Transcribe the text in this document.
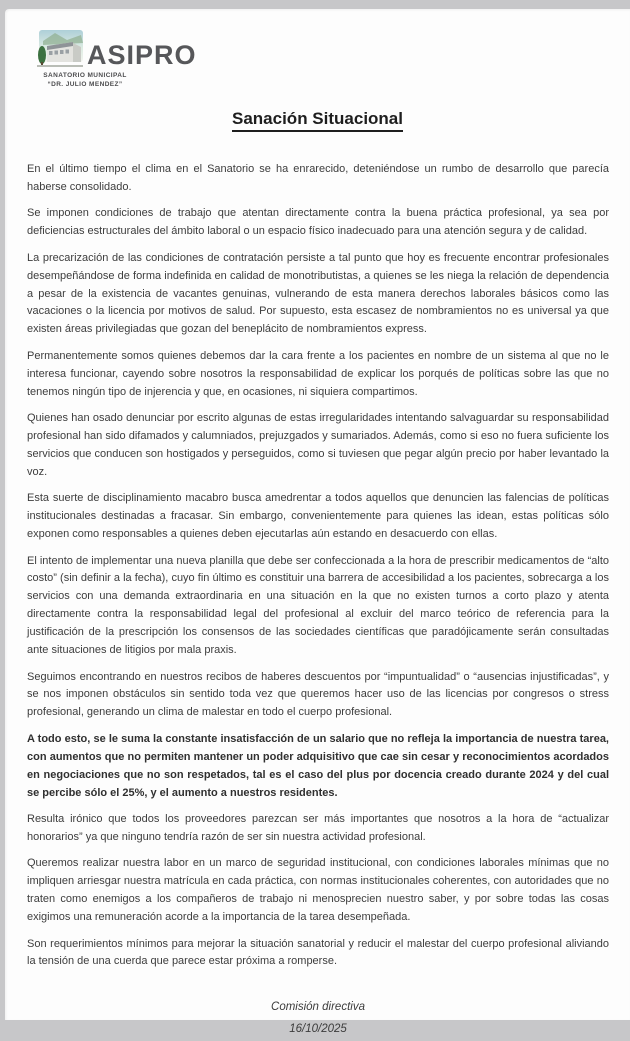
ASIPRO
SANATORIO MUNICIPAL
“DR. JULIO MENDEZ”
Sanación Situacional

En el último tiempo el clima en el Sanatorio se ha enrarecido, deteniéndose un rumbo de desarrollo que parecía haberse consolidado.

Se imponen condiciones de trabajo que atentan directamente contra la buena práctica profesional, ya sea por deficiencias estructurales del ámbito laboral o un espacio físico inadecuado para una atención segura y de calidad.

La precarización de las condiciones de contratación persiste a tal punto que hoy es frecuente encontrar profesionales desempeñándose de forma indefinida en calidad de monotributistas, a quienes se les niega la relación de dependencia a pesar de la existencia de vacantes genuinas, vulnerando de esta manera derechos laborales básicos como las vacaciones o la licencia por motivos de salud. Por supuesto, esta escasez de nombramientos no es universal ya que existen áreas privilegiadas que gozan del beneplácito de nombramientos express.

Permanentemente somos quienes debemos dar la cara frente a los pacientes en nombre de un sistema al que no le interesa funcionar, cayendo sobre nosotros la responsabilidad de explicar los porqués de políticas sobre las que no tenemos ningún tipo de injerencia y que, en ocasiones, ni siquiera compartimos.

Quienes han osado denunciar por escrito algunas de estas irregularidades intentando salvaguardar su responsabilidad profesional han sido difamados y calumniados, prejuzgados y sumariados. Además, como si eso no fuera suficiente los servicios que conducen son hostigados y perseguidos, como si tuviesen que pegar algún precio por haber levantado la voz.

Esta suerte de disciplinamiento macabro busca amedrentar a todos aquellos que denuncien las falencias de políticas institucionales destinadas a fracasar. Sin embargo, convenientemente para quienes las idean, estas políticas sólo exponen como responsables a quienes deben ejecutarlas aún estando en desacuerdo con ellas.

El intento de implementar una nueva planilla que debe ser confeccionada a la hora de prescribir medicamentos de “alto costo” (sin definir a la fecha), cuyo fin último es constituir una barrera de accesibilidad a los pacientes, sobrecarga a los servicios con una demanda extraordinaria en una situación en la que no existen turnos a corto plazo y atenta directamente contra la responsabilidad legal del profesional al excluir del marco teórico de referencia para la justificación de la prescripción los consensos de las sociedades científicas que paradójicamente serán consultadas ante situaciones de litigios por mala praxis.

Seguimos encontrando en nuestros recibos de haberes descuentos por “impuntualidad” o “ausencias injustificadas”, y se nos imponen obstáculos sin sentido toda vez que queremos hacer uso de las licencias por congresos o stress profesional, generando un clima de malestar en todo el cuerpo profesional.

A todo esto, se le suma la constante insatisfacción de un salario que no refleja la importancia de nuestra tarea, con aumentos que no permiten mantener un poder adquisitivo que cae sin cesar y reconocimientos acordados en negociaciones que no son respetados, tal es el caso del plus por docencia creado durante 2024 y del cual se percibe sólo el 25%, y el aumento a nuestros residentes.

Resulta irónico que todos los proveedores parezcan ser más importantes que nosotros a la hora de “actualizar honorarios” ya que ninguno tendría razón de ser sin nuestra actividad profesional.

Queremos realizar nuestra labor en un marco de seguridad institucional, con condiciones laborales mínimas que no impliquen arriesgar nuestra matrícula en cada práctica, con normas institucionales coherentes, con autoridades que no traten como enemigos a los compañeros de trabajo ni menosprecien nuestro saber, y por sobre todas las cosas exigimos una remuneración acorde a la importancia de la tarea desempeñada.

Son requerimientos mínimos para mejorar la situación sanatorial y reducir el malestar del cuerpo profesional aliviando la tensión de una cuerda que parece estar próxima a romperse.

Comisión directiva
16/10/2025
